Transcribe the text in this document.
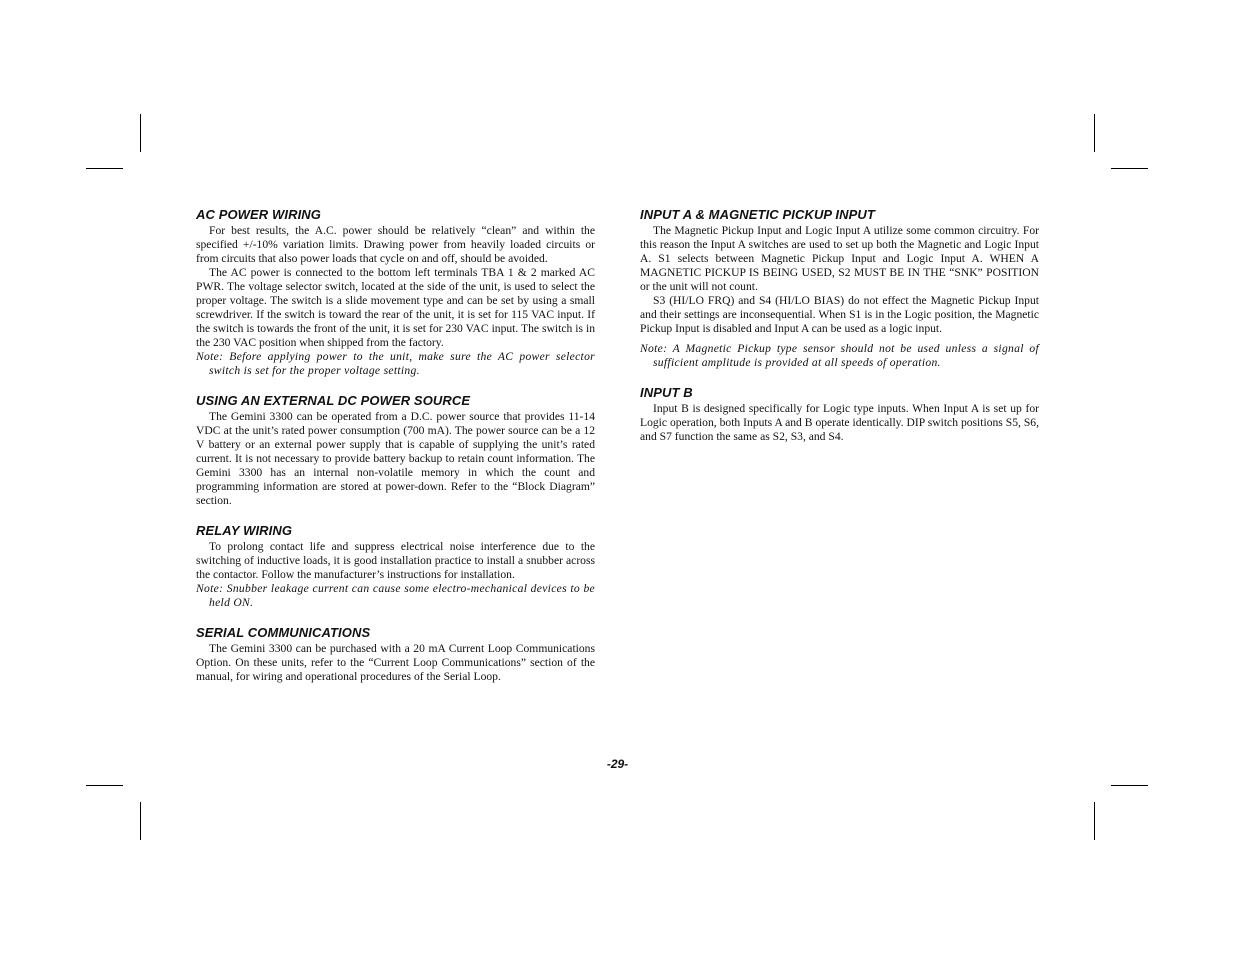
AC POWER WIRING

For best results, the A.C. power should be relatively “clean” and within the specified +/-10% variation limits. Drawing power from heavily loaded circuits or from circuits that also power loads that cycle on and off, should be avoided.

The AC power is connected to the bottom left terminals TBA 1 & 2 marked AC PWR. The voltage selector switch, located at the side of the unit, is used to select the proper voltage. The switch is a slide movement type and can be set by using a small screwdriver. If the switch is toward the rear of the unit, it is set for 115 VAC input. If the switch is towards the front of the unit, it is set for 230 VAC input. The switch is in the 230 VAC position when shipped from the factory.

Note: Before applying power to the unit, make sure the AC power selector switch is set for the proper voltage setting.

USING AN EXTERNAL DC POWER SOURCE

The Gemini 3300 can be operated from a D.C. power source that provides 11-14 VDC at the unit’s rated power consumption (700 mA). The power source can be a 12 V battery or an external power supply that is capable of supplying the unit’s rated current. It is not necessary to provide battery backup to retain count information. The Gemini 3300 has an internal non-volatile memory in which the count and programming information are stored at power-down. Refer to the “Block Diagram” section.

RELAY WIRING

To prolong contact life and suppress electrical noise interference due to the switching of inductive loads, it is good installation practice to install a snubber across the contactor. Follow the manufacturer’s instructions for installation.

Note: Snubber leakage current can cause some electro-mechanical devices to be held ON.

SERIAL COMMUNICATIONS

The Gemini 3300 can be purchased with a 20 mA Current Loop Communications Option. On these units, refer to the “Current Loop Communications” section of the manual, for wiring and operational procedures of the Serial Loop.

INPUT A & MAGNETIC PICKUP INPUT

The Magnetic Pickup Input and Logic Input A utilize some common circuitry. For this reason the Input A switches are used to set up both the Magnetic and Logic Input A. S1 selects between Magnetic Pickup Input and Logic Input A. WHEN A MAGNETIC PICKUP IS BEING USED, S2 MUST BE IN THE “SNK” POSITION or the unit will not count.

S3 (HI/LO FRQ) and S4 (HI/LO BIAS) do not effect the Magnetic Pickup Input and their settings are inconsequential. When S1 is in the Logic position, the Magnetic Pickup Input is disabled and Input A can be used as a logic input.

Note: A Magnetic Pickup type sensor should not be used unless a signal of sufficient amplitude is provided at all speeds of operation.

INPUT B

Input B is designed specifically for Logic type inputs. When Input A is set up for Logic operation, both Inputs A and B operate identically. DIP switch positions S5, S6, and S7 function the same as S2, S3, and S4.

-29-
